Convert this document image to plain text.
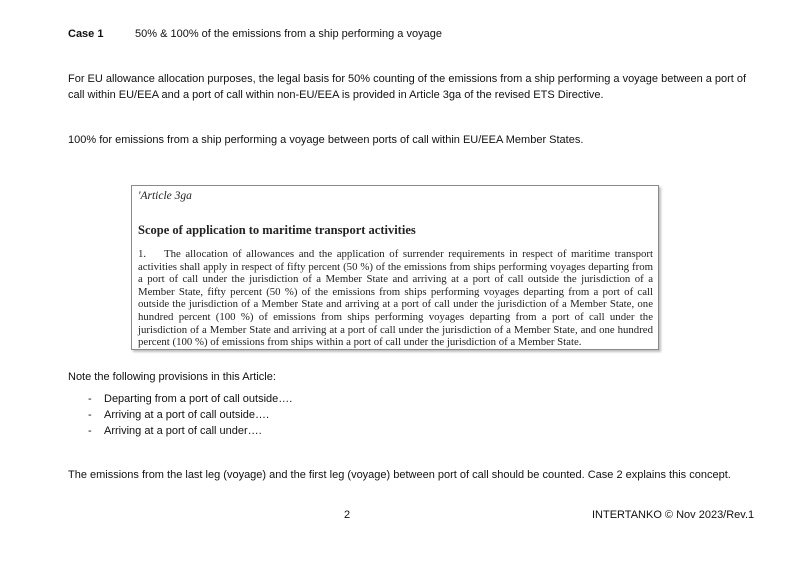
Case 1	50% & 100% of the emissions from a ship performing a voyage
For EU allowance allocation purposes, the legal basis for 50% counting of the emissions from a ship performing a voyage between a port of call within EU/EEA and a port of call within non-EU/EEA is provided in Article 3ga of the revised ETS Directive.
100% for emissions from a ship performing a voyage between ports of call within EU/EEA Member States.
'Article 3ga
Scope of application to maritime transport activities
1. The allocation of allowances and the application of surrender requirements in respect of maritime transport activities shall apply in respect of fifty percent (50 %) of the emissions from ships performing voyages departing from a port of call under the jurisdiction of a Member State and arriving at a port of call outside the jurisdiction of a Member State, fifty percent (50 %) of the emissions from ships performing voyages departing from a port of call outside the jurisdiction of a Member State and arriving at a port of call under the jurisdiction of a Member State, one hundred percent (100 %) of emissions from ships performing voyages departing from a port of call under the jurisdiction of a Member State and arriving at a port of call under the jurisdiction of a Member State, and one hundred percent (100 %) of emissions from ships within a port of call under the jurisdiction of a Member State.
Note the following provisions in this Article:
- Departing from a port of call outside….
- Arriving at a port of call outside….
- Arriving at a port of call under….
The emissions from the last leg (voyage) and the first leg (voyage) between port of call should be counted. Case 2 explains this concept.
2	INTERTANKO © Nov 2023/Rev.1
